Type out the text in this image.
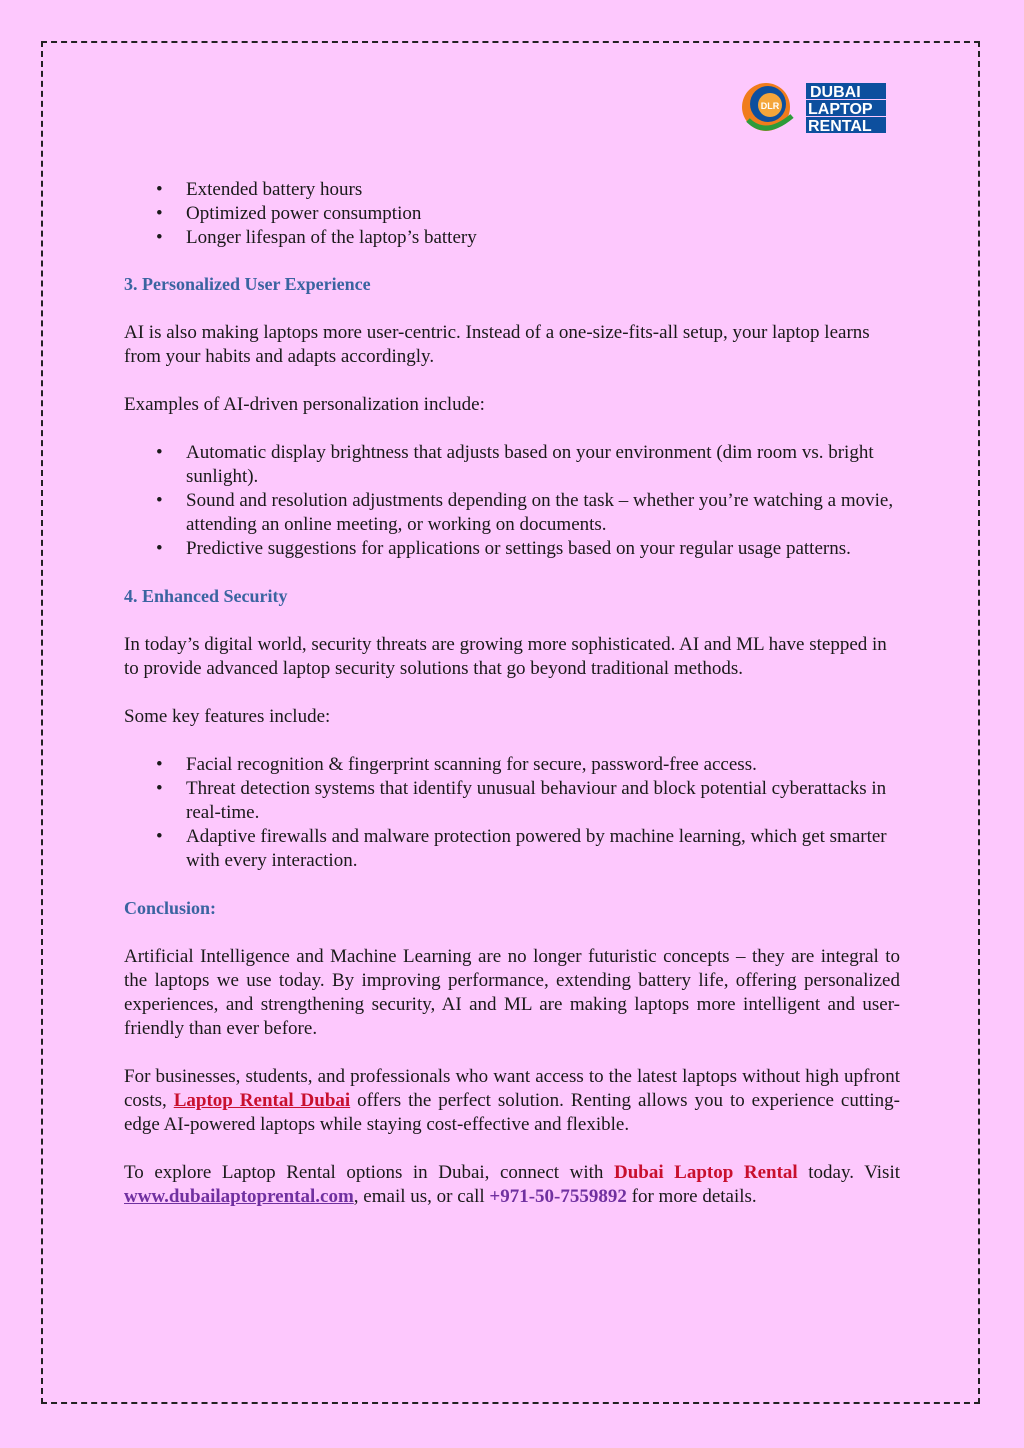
DLR
DUBAI
LAPTOP
RENTAL
• Extended battery hours
• Optimized power consumption
• Longer lifespan of the laptop’s battery
3. Personalized User Experience

AI is also making laptops more user-centric. Instead of a one-size-fits-all setup, your laptop learns from your habits and adapts accordingly.

Examples of AI-driven personalization include:

• Automatic display brightness that adjusts based on your environment (dim room vs. bright sunlight).
• Sound and resolution adjustments depending on the task – whether you’re watching a movie, attending an online meeting, or working on documents.
• Predictive suggestions for applications or settings based on your regular usage patterns.
4. Enhanced Security

In today’s digital world, security threats are growing more sophisticated. AI and ML have stepped in to provide advanced laptop security solutions that go beyond traditional methods.

Some key features include:

• Facial recognition & fingerprint scanning for secure, password-free access.
• Threat detection systems that identify unusual behaviour and block potential cyberattacks in real-time.
• Adaptive firewalls and malware protection powered by machine learning, which get smarter with every interaction.
Conclusion:

Artificial Intelligence and Machine Learning are no longer futuristic concepts – they are integral to the laptops we use today. By improving performance, extending battery life, offering personalized experiences, and strengthening security, AI and ML are making laptops more intelligent and user-friendly than ever before.

For businesses, students, and professionals who want access to the latest laptops without high upfront costs, Laptop Rental Dubai offers the perfect solution. Renting allows you to experience cutting-edge AI-powered laptops while staying cost-effective and flexible.

To explore Laptop Rental options in Dubai, connect with Dubai Laptop Rental today. Visit www.dubailaptoprental.com, email us, or call +971-50-7559892 for more details.
